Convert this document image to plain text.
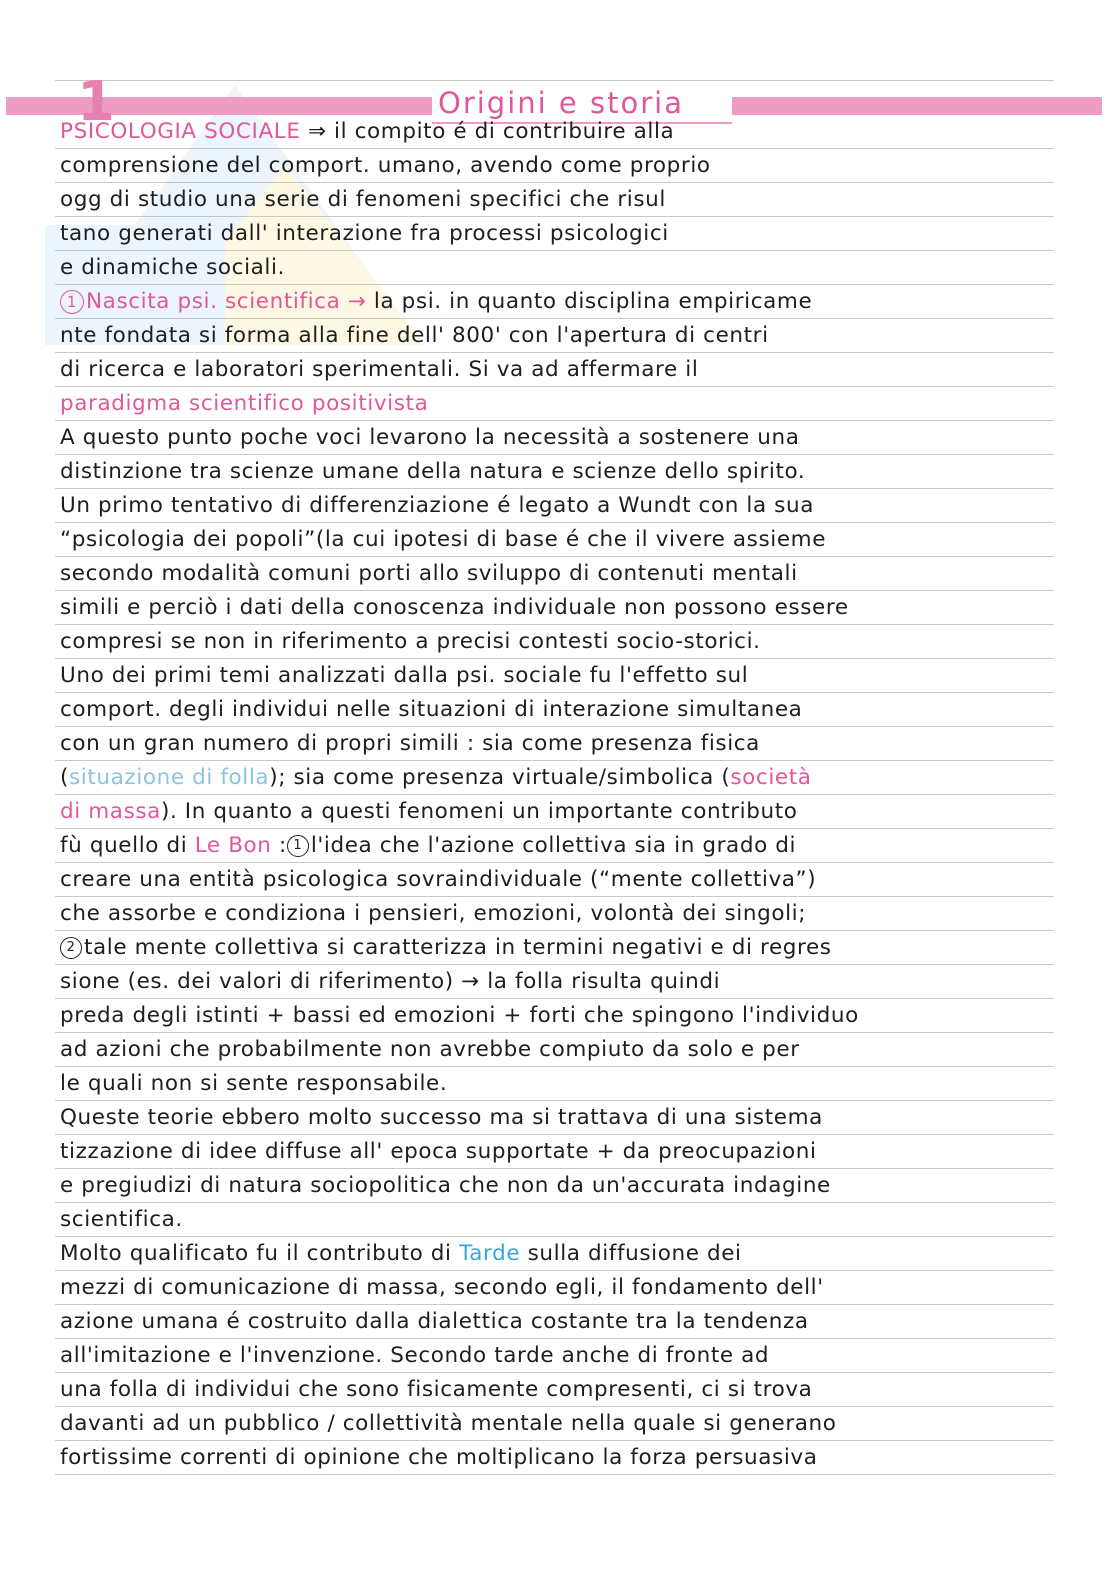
1	Origini e storia
PSICOLOGIA SOCIALE ⇒ il compito é di contribuire alla
comprensione del comport. umano, avendo come proprio
ogg di studio una serie di fenomeni specifici che risul
tano generati dall' interazione fra processi psicologici
e dinamiche sociali.
1 Nascita psi. scientifica → la psi. in quanto disciplina empiricame
nte fondata si forma alla fine dell' 800' con l'apertura di centri
di ricerca e laboratori sperimentali. Si va ad affermare il
paradigma scientifico positivista
A questo punto poche voci levarono la necessità a sostenere una
distinzione tra scienze umane della natura e scienze dello spirito.
Un primo tentativo di differenziazione é legato a Wundt con la sua
“psicologia dei popoli”(la cui ipotesi di base é che il vivere assieme
secondo modalità comuni porti allo sviluppo di contenuti mentali
simili e perciò i dati della conoscenza individuale non possono essere
compresi se non in riferimento a precisi contesti socio-storici.
Uno dei primi temi analizzati dalla psi. sociale fu l'effetto sul
comport. degli individui nelle situazioni di interazione simultanea
con un gran numero di propri simili : sia come presenza fisica
(situazione di folla); sia come presenza virtuale/simbolica (società
di massa). In quanto a questi fenomeni un importante contributo
fù quello di Le Bon : 1 l'idea che l'azione collettiva sia in grado di
creare una entità psicologica sovraindividuale (“mente collettiva”)
che assorbe e condiziona i pensieri, emozioni, volontà dei singoli;
2 tale mente collettiva si caratterizza in termini negativi e di regres
sione (es. dei valori di riferimento) → la folla risulta quindi
preda degli istinti + bassi ed emozioni + forti che spingono l'individuo
ad azioni che probabilmente non avrebbe compiuto da solo e per
le quali non si sente responsabile.
Queste teorie ebbero molto successo ma si trattava di una sistema
tizzazione di idee diffuse all' epoca supportate + da preocupazioni
e pregiudizi di natura sociopolitica che non da un'accurata indagine
scientifica.
Molto qualificato fu il contributo di Tarde sulla diffusione dei
mezzi di comunicazione di massa, secondo egli, il fondamento dell'
azione umana é costruito dalla dialettica costante tra la tendenza
all'imitazione e l'invenzione. Secondo tarde anche di fronte ad
una folla di individui che sono fisicamente compresenti, ci si trova
davanti ad un pubblico / collettività mentale nella quale si generano
fortissime correnti di opinione che moltiplicano la forza persuasiva
